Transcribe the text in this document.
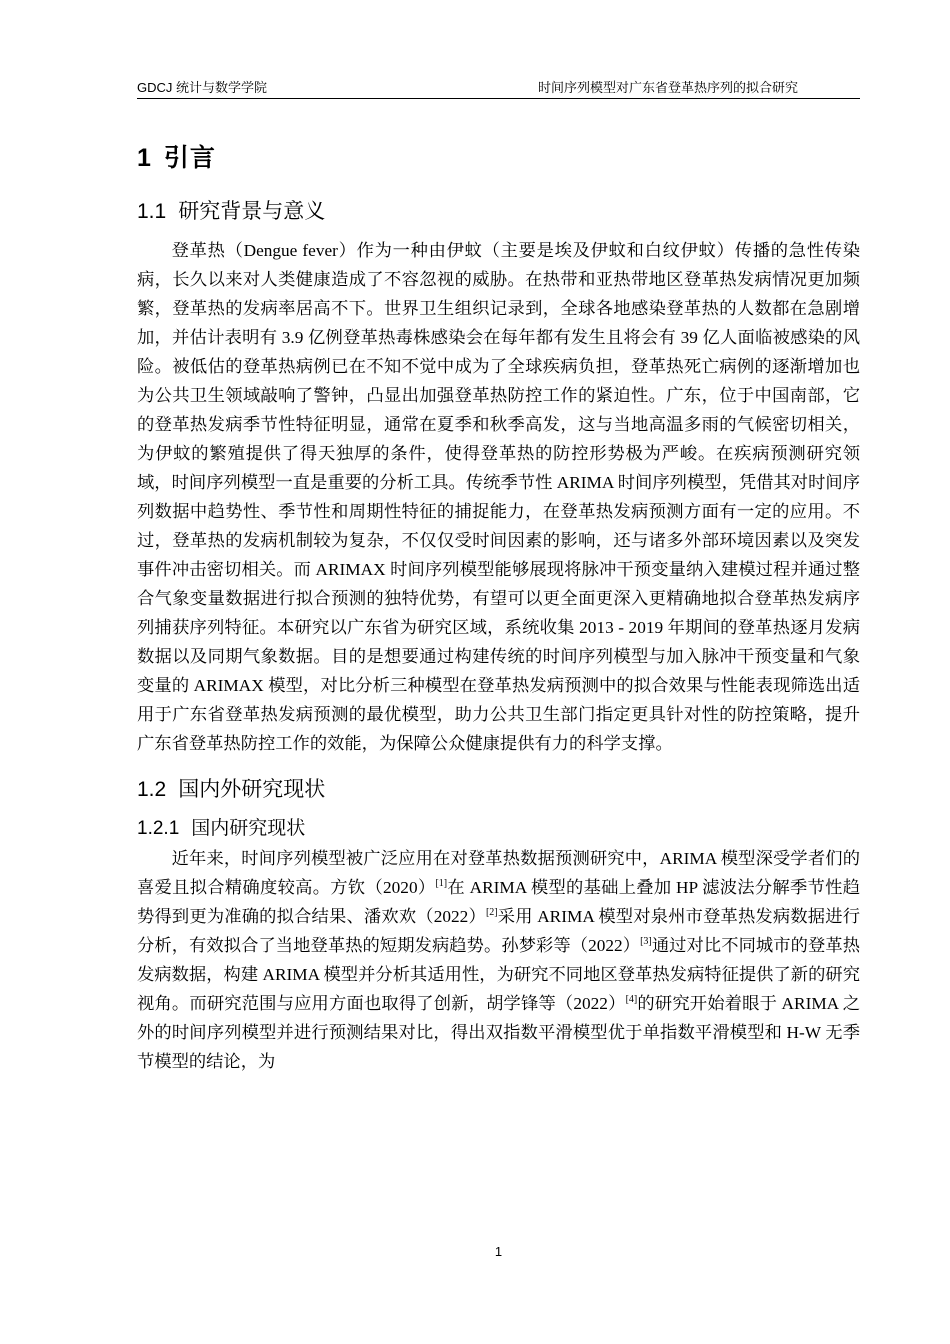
GDCJ 统计与数学学院	时间序列模型对广东省登革热序列的拟合研究
1 引言
1.1 研究背景与意义

登革热（Dengue fever）作为一种由伊蚊（主要是埃及伊蚊和白纹伊蚊）传播的急性传染病，长久以来对人类健康造成了不容忽视的威胁。在热带和亚热带地区登革热发病情况更加频繁，登革热的发病率居高不下。世界卫生组织记录到，全球各地感染登革热的人数都在急剧增加，并估计表明有 3.9 亿例登革热毒株感染会在每年都有发生且将会有 39 亿人面临被感染的风险。被低估的登革热病例已在不知不觉中成为了全球疾病负担，登革热死亡病例的逐渐增加也为公共卫生领域敲响了警钟，凸显出加强登革热防控工作的紧迫性。广东，位于中国南部，它的登革热发病季节性特征明显，通常在夏季和秋季高发，这与当地高温多雨的气候密切相关，为伊蚊的繁殖提供了得天独厚的条件，使得登革热的防控形势极为严峻。在疾病预测研究领域，时间序列模型一直是重要的分析工具。传统季节性 ARIMA 时间序列模型，凭借其对时间序列数据中趋势性、季节性和周期性特征的捕捉能力，在登革热发病预测方面有一定的应用。不过，登革热的发病机制较为复杂，不仅仅受时间因素的影响，还与诸多外部环境因素以及突发事件冲击密切相关。而 ARIMAX 时间序列模型能够展现将脉冲干预变量纳入建模过程并通过整合气象变量数据进行拟合预测的独特优势，有望可以更全面更深入更精确地拟合登革热发病序列捕获序列特征。本研究以广东省为研究区域，系统收集 2013 - 2019 年期间的登革热逐月发病数据以及同期气象数据。目的是想要通过构建传统的时间序列模型与加入脉冲干预变量和气象变量的 ARIMAX 模型，对比分析三种模型在登革热发病预测中的拟合效果与性能表现筛选出适用于广东省登革热发病预测的最优模型，助力公共卫生部门指定更具针对性的防控策略，提升广东省登革热防控工作的效能，为保障公众健康提供有力的科学支撑。

1.2 国内外研究现状
1.2.1 国内研究现状

近年来，时间序列模型被广泛应用在对登革热数据预测研究中，ARIMA 模型深受学者们的喜爱且拟合精确度较高。方钦（2020）[1]在 ARIMA 模型的基础上叠加 HP 滤波法分解季节性趋势得到更为准确的拟合结果、潘欢欢（2022）[2]采用 ARIMA 模型对泉州市登革热发病数据进行分析，有效拟合了当地登革热的短期发病趋势。孙梦彩等（2022）[3]通过对比不同城市的登革热发病数据，构建 ARIMA 模型并分析其适用性，为研究不同地区登革热发病特征提供了新的研究视角。而研究范围与应用方面也取得了创新，胡学锋等（2022）[4]的研究开始着眼于 ARIMA 之外的时间序列模型并进行预测结果对比，得出双指数平滑模型优于单指数平滑模型和 H-W 无季节模型的结论，为

1
